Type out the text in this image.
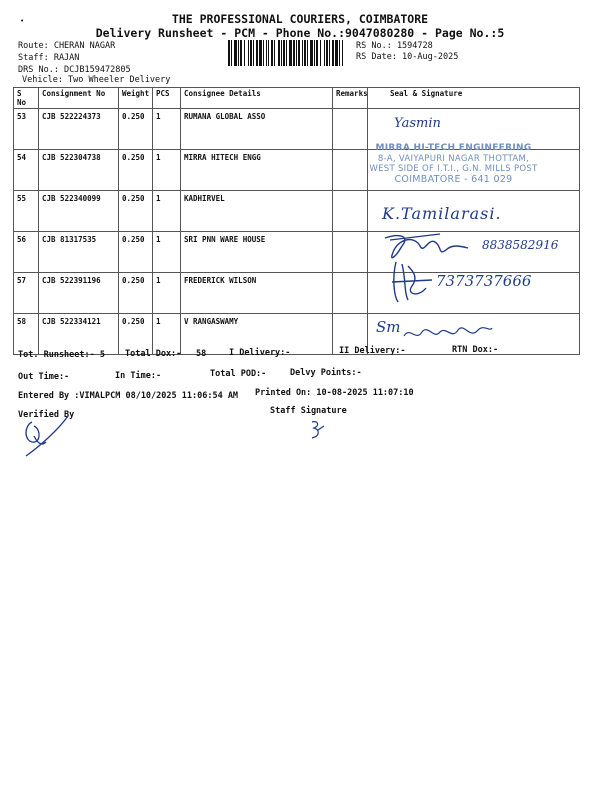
•	THE PROFESSIONAL COURIERS, COIMBATORE
Delivery Runsheet - PCM - Phone No.:9047080280 - Page No.:5
Route: CHERAN NAGAR
Staff: RAJAN
DRS No.: DCJB159472805
Vehicle: Two Wheeler Delivery
RS No.: 1594728
RS Date: 10-Aug-2025
S No	Consignment No	Weight	PCS	Consignee Details	Remarks	Seal & Signature
53	CJB 522224373	0.250	1	RUMANA GLOBAL ASSO		
54	CJB 522304738	0.250	1	MIRRA HITECH ENGG		
55	CJB 522340099	0.250	1	KADHIRVEL		
56	CJB 81317535	0.250	1	SRI PNN WARE HOUSE		
57	CJB 522391196	0.250	1	FREDERICK WILSON		
58	CJB 522334121	0.250	1	V RANGASWAMY		
Yasmin
MIRRA HI-TECH ENGINEERING
8-A, VAIYAPURI NAGAR THOTTAM,
WEST SIDE OF I.T.I., G.N. MILLS POST
COIMBATORE - 641 029
K.Tamilarasi.
8838582916
7373737666
Sm
Tot. Runsheet:- 5 Total Dox:- 58	I Delivery:-	II Delivery:-	RTN Dox:-
Out Time:-	In Time:-	Total POD:-	Delvy Points:-
Entered By :VIMALPCM 08/10/2025 11:06:54 AM Printed On: 10-08-2025 11:07:10
Verified By	Staff Signature
